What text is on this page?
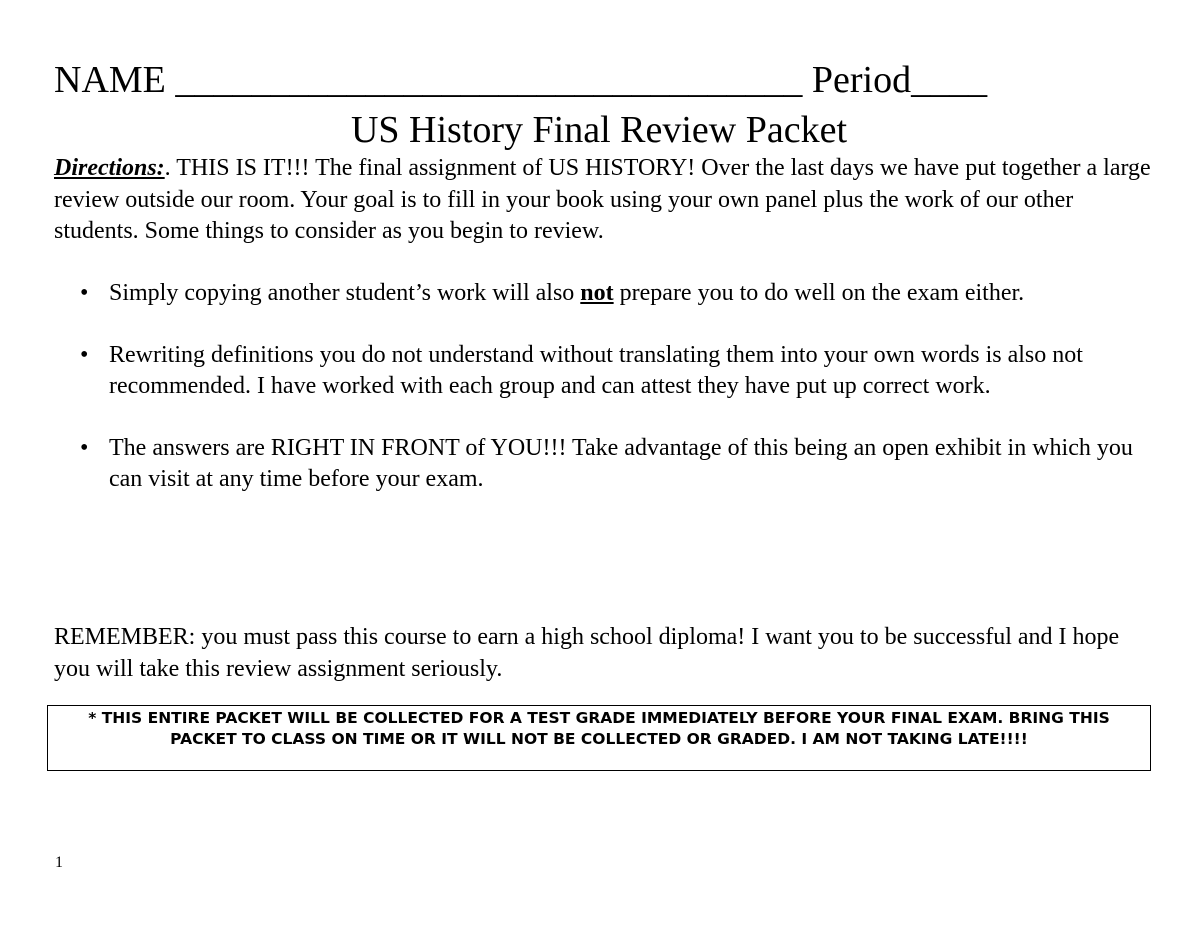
NAME _________________________________ Period____
US History Final Review Packet
Directions:. THIS IS IT!!! The final assignment of US HISTORY! Over the last days we have put together a large review outside our room. Your goal is to fill in your book using your own panel plus the work of our other students. Some things to consider as you begin to review.
• Simply copying another student’s work will also not prepare you to do well on the exam either.
• Rewriting definitions you do not understand without translating them into your own words is also not recommended. I have worked with each group and can attest they have put up correct work.
• The answers are RIGHT IN FRONT of YOU!!! Take advantage of this being an open exhibit in which you can visit at any time before your exam.
REMEMBER: you must pass this course to earn a high school diploma! I want you to be successful and I hope you will take this review assignment seriously.
* THIS ENTIRE PACKET WILL BE COLLECTED FOR A TEST GRADE IMMEDIATELY BEFORE YOUR FINAL EXAM. BRING THIS PACKET TO CLASS ON TIME OR IT WILL NOT BE COLLECTED OR GRADED. I AM NOT TAKING LATE!!!!
1
